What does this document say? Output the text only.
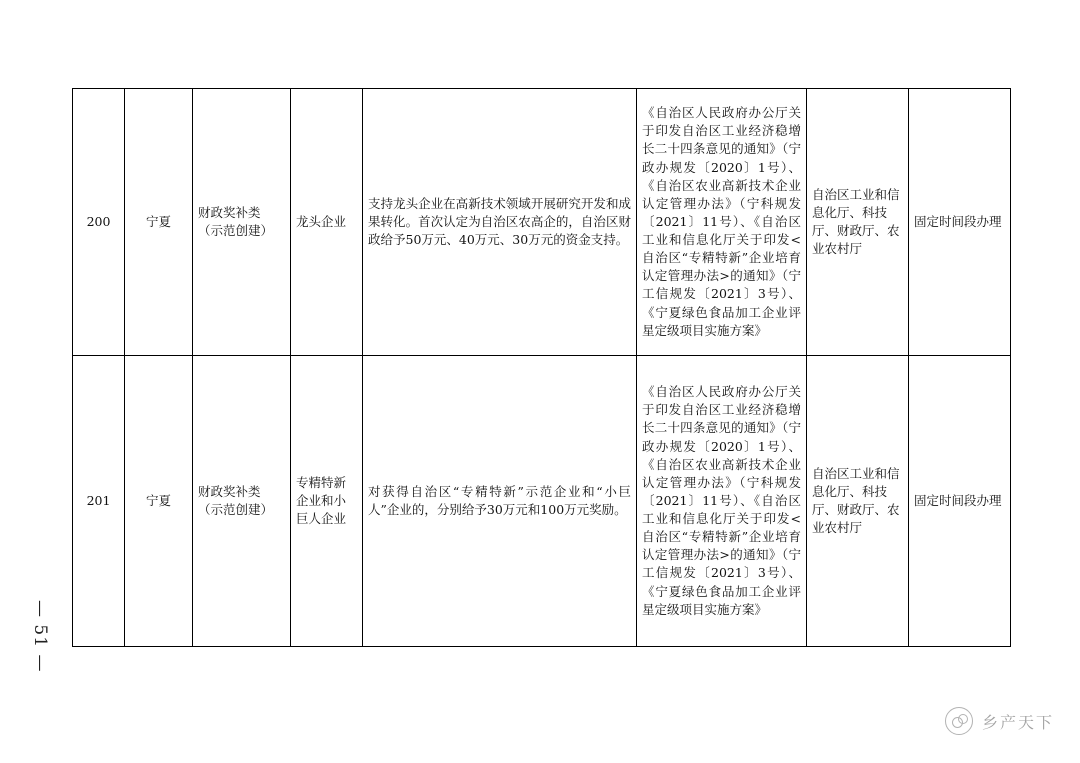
200	宁夏	财政奖补类（示范创建）	龙头企业	支持龙头企业在高新技术领域开展研究开发和成果转化。首次认定为自治区农高企的，自治区财政给予50万元、40万元、30万元的资金支持。	《自治区人民政府办公厅关于印发自治区工业经济稳增长二十四条意见的通知》（宁政办规发〔2020〕1号）、《自治区农业高新技术企业认定管理办法》（宁科规发〔2021〕11号）、《自治区工业和信息化厅关于印发<自治区“专精特新”企业培育认定管理办法>的通知》（宁工信规发〔2021〕3号）、《宁夏绿色食品加工企业评星定级项目实施方案》	自治区工业和信息化厅、科技厅、财政厅、农业农村厅	固定时间段办理
201	宁夏	财政奖补类（示范创建）	专精特新企业和小巨人企业	对获得自治区“专精特新”示范企业和“小巨人”企业的，分别给予30万元和100万元奖励。	《自治区人民政府办公厅关于印发自治区工业经济稳增长二十四条意见的通知》（宁政办规发〔2020〕1号）、《自治区农业高新技术企业认定管理办法》（宁科规发〔2021〕11号）、《自治区工业和信息化厅关于印发<自治区“专精特新”企业培育认定管理办法>的通知》（宁工信规发〔2021〕3号）、《宁夏绿色食品加工企业评星定级项目实施方案》	自治区工业和信息化厅、科技厅、财政厅、农业农村厅	固定时间段办理
— 51 —
乡产天下
